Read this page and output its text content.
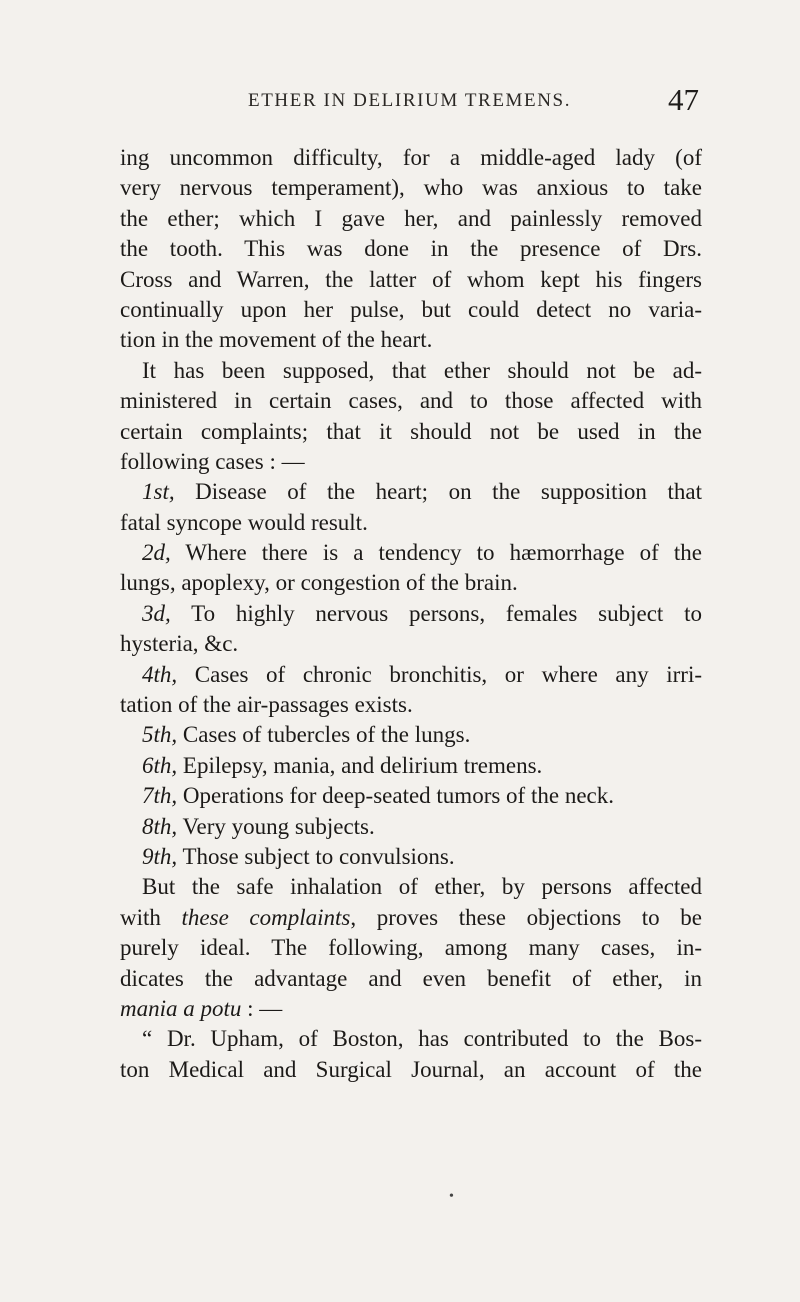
ETHER IN DELIRIUM TREMENS.	47
ing uncommon difficulty, for a middle-aged lady (of
very nervous temperament), who was anxious to take
the ether; which I gave her, and painlessly removed
the tooth. This was done in the presence of Drs.
Cross and Warren, the latter of whom kept his fingers
continually upon her pulse, but could detect no varia-
tion in the movement of the heart.
It has been supposed, that ether should not be ad-
ministered in certain cases, and to those affected with
certain complaints; that it should not be used in the
following cases : —
1st, Disease of the heart; on the supposition that
fatal syncope would result.
2d, Where there is a tendency to hæmorrhage of the
lungs, apoplexy, or congestion of the brain.
3d, To highly nervous persons, females subject to
hysteria, &c.
4th, Cases of chronic bronchitis, or where any irri-
tation of the air-passages exists.
5th, Cases of tubercles of the lungs.
6th, Epilepsy, mania, and delirium tremens.
7th, Operations for deep-seated tumors of the neck.
8th, Very young subjects.
9th, Those subject to convulsions.
But the safe inhalation of ether, by persons affected
with these complaints, proves these objections to be
purely ideal. The following, among many cases, in-
dicates the advantage and even benefit of ether, in
mania a potu : —
“ Dr. Upham, of Boston, has contributed to the Bos-
ton Medical and Surgical Journal, an account of the
•
